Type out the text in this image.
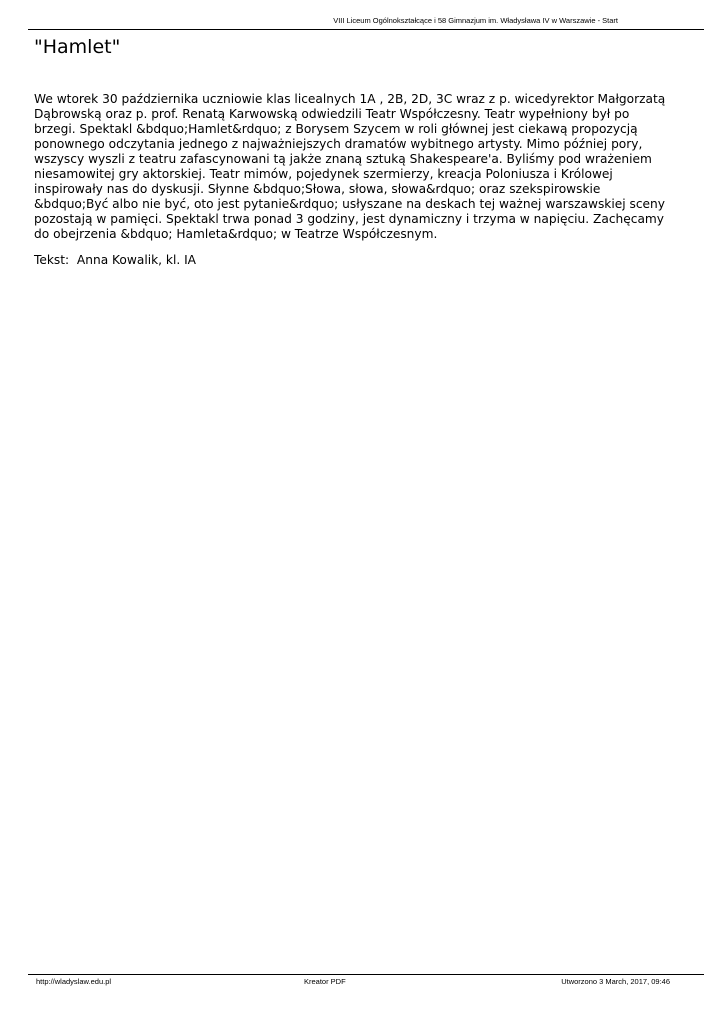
VIII Liceum Ogólnokształcące i 58 Gimnazjum im. Władysława IV w Warszawie - Start
"Hamlet"
We wtorek 30 października uczniowie klas licealnych 1A , 2B, 2D, 3C wraz z p. wicedyrektor Małgorzatą
Dąbrowską oraz p. prof. Renatą Karwowską odwiedzili Teatr Współczesny. Teatr wypełniony był po
brzegi. Spektakl &bdquo;Hamlet&rdquo; z Borysem Szycem w roli głównej jest ciekawą propozycją
ponownego odczytania jednego z najważniejszych dramatów wybitnego artysty. Mimo później pory,
wszyscy wyszli z teatru zafascynowani tą jakże znaną sztuką Shakespeare'a. Byliśmy pod wrażeniem
niesamowitej gry aktorskiej. Teatr mimów, pojedynek szermierzy, kreacja Poloniusza i Królowej
inspirowały nas do dyskusji. Słynne &bdquo;Słowa, słowa, słowa&rdquo; oraz szekspirowskie
&bdquo;Być albo nie być, oto jest pytanie&rdquo; usłyszane na deskach tej ważnej warszawskiej sceny
pozostają w pamięci. Spektakl trwa ponad 3 godziny, jest dynamiczny i trzyma w napięciu. Zachęcamy
do obejrzenia &bdquo; Hamleta&rdquo; w Teatrze Współczesnym.

Tekst:  Anna Kowalik, kl. IA

http://wladyslaw.edu.pl	Kreator PDF	Utworzono 3 March, 2017, 09:46
